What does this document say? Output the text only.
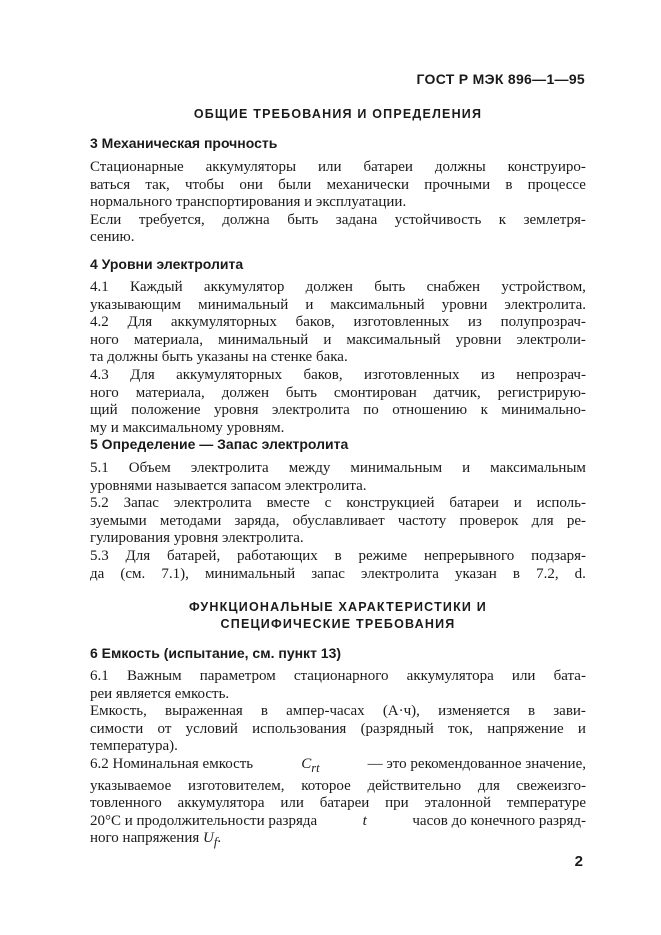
ГОСТ Р МЭК 896—1—95
ОБЩИЕ ТРЕБОВАНИЯ И ОПРЕДЕЛЕНИЯ
3 Механическая прочность
Стационарные аккумуляторы или батареи должны конструиро-
ваться так, чтобы они были механически прочными в процессе
нормального транспортирования и эксплуатации.
Если требуется, должна быть задана устойчивость к землетря-
сению.
4 Уровни электролита
4.1 Каждый аккумулятор должен быть снабжен устройством,
указывающим минимальный и максимальный уровни электролита.
4.2 Для аккумуляторных баков, изготовленных из полупрозрач-
ного материала, минимальный и максимальный уровни электроли-
та должны быть указаны на стенке бака.
4.3 Для аккумуляторных баков, изготовленных из непрозрач-
ного материала, должен быть смонтирован датчик, регистрирую-
щий положение уровня электролита по отношению к минимально-
му и максимальному уровням.
5 Определение — Запас электролита
5.1 Объем электролита между минимальным и максимальным
уровнями называется запасом электролита.
5.2 Запас электролита вместе с конструкцией батареи и исполь-
зуемыми методами заряда, обуславливает частоту проверок для ре-
гулирования уровня электролита.
5.3 Для батарей, работающих в режиме непрерывного подзаря-
да (см. 7.1), минимальный запас электролита указан в 7.2, d.
ФУНКЦИОНАЛЬНЫЕ ХАРАКТЕРИСТИКИ И
СПЕЦИФИЧЕСКИЕ ТРЕБОВАНИЯ
6 Емкость (испытание, см. пункт 13)
6.1 Важным параметром стационарного аккумулятора или бата-
реи является емкость.
Емкость, выраженная в ампер-часах (А·ч), изменяется в зави-
симости от условий использования (разрядный ток, напряжение и
температура).
6.2 Номинальная емкость	$C_{rt}$	— это рекомендованное значение,
указываемое изготовителем, которое действительно для свежеизго-
товленного аккумулятора или батареи при эталонной температуре
20°С и продолжительности разряда	t	часов до конечного разряд-
ного напряжения $U_f$.
2
